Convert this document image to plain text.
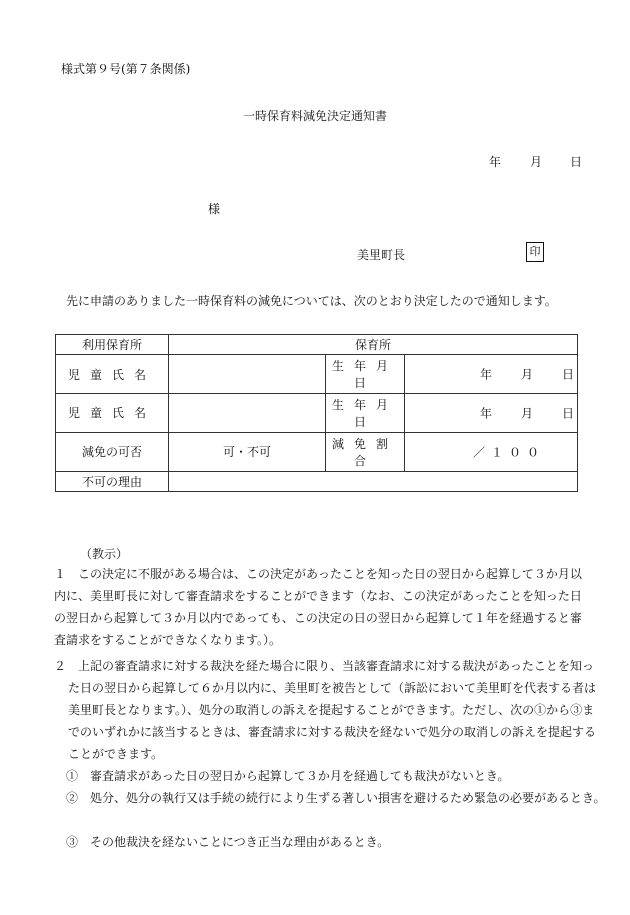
様式第９号(第７条関係)
一時保育料減免決定通知書
年 月 日
様
美里町長	印
先に申請のありました一時保育料の減免については、次のとおり決定したので通知します。
利用保育所	保育所		
児童氏名		生年月日	年 月 日

児童氏名		生年月日	年 月 日

減免の可否	可・不可	減免割合	／１００

不可の理由			
（教示）
１　この決定に不服がある場合は、この決定があったことを知った日の翌日から起算して３か月以内に、美里町長に対して審査請求をすることができます（なお、この決定があったことを知った日の翌日から起算して３か月以内であっても、この決定の日の翌日から起算して１年を経過すると審査請求をすることができなくなります。）。
２　上記の審査請求に対する裁決を経た場合に限り、当該審査請求に対する裁決があったことを知った日の翌日から起算して６か月以内に、美里町を被告として（訴訟において美里町を代表する者は美里町長となります。）、処分の取消しの訴えを提起することができます。ただし、次の①から③までのいずれかに該当するときは、審査請求に対する裁決を経ないで処分の取消しの訴えを提起することができます。
①　審査請求があった日の翌日から起算して３か月を経過しても裁決がないとき。
②　処分、処分の執行又は手続の続行により生ずる著しい損害を避けるため緊急の必要があるとき。
③　その他裁決を経ないことにつき正当な理由があるとき。
